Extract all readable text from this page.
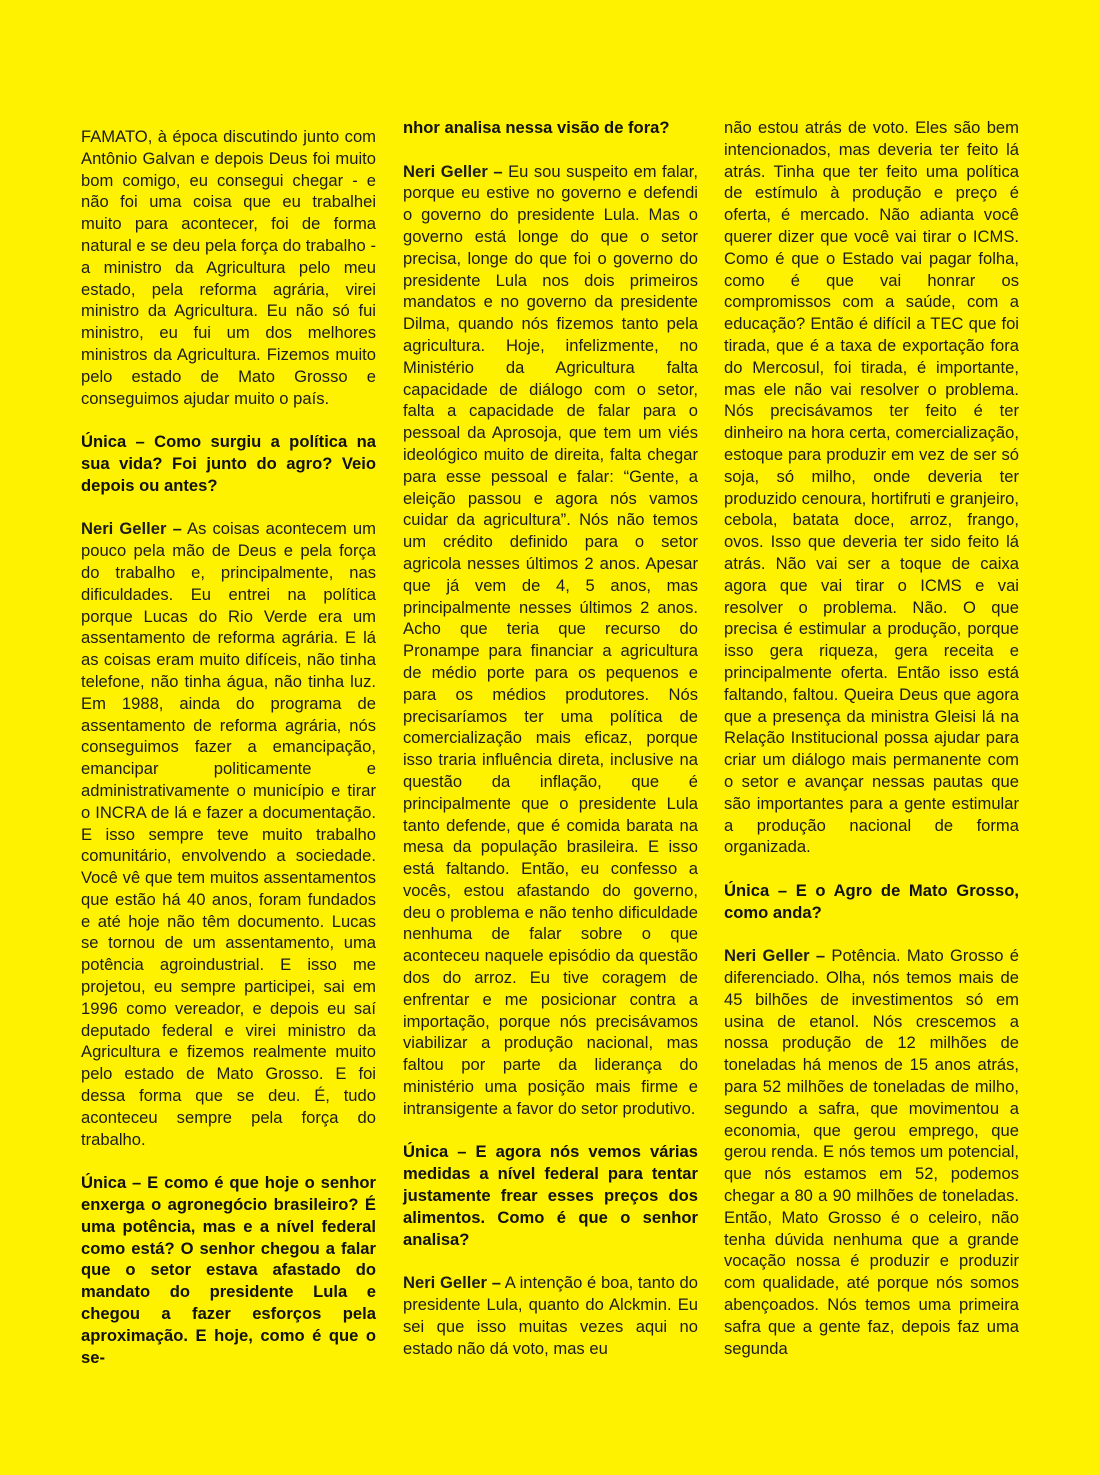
FAMATO, à época discutindo junto com Antônio Galvan e depois Deus foi muito bom comigo, eu consegui chegar - e não foi uma coisa que eu trabalhei muito para acontecer, foi de forma natural e se deu pela força do trabalho - a ministro da Agricultura pelo meu estado, pela reforma agrária, virei ministro da Agricultura. Eu não só fui ministro, eu fui um dos melhores ministros da Agricultura. Fizemos muito pelo estado de Mato Grosso e conseguimos ajudar muito o país.

Única – Como surgiu a política na sua vida? Foi junto do agro? Veio depois ou antes?

Neri Geller – As coisas acontecem um pouco pela mão de Deus e pela força do trabalho e, principalmente, nas dificuldades. Eu entrei na política porque Lucas do Rio Verde era um assentamento de reforma agrária. E lá as coisas eram muito difíceis, não tinha telefone, não tinha água, não tinha luz. Em 1988, ainda do programa de assentamento de reforma agrária, nós conseguimos fazer a emancipação, emancipar politicamente e administrativamente o município e tirar o INCRA de lá e fazer a documentação. E isso sempre teve muito trabalho comunitário, envolvendo a sociedade. Você vê que tem muitos assentamentos que estão há 40 anos, foram fundados e até hoje não têm documento. Lucas se tornou de um assentamento, uma potência agroindustrial. E isso me projetou, eu sempre participei, sai em 1996 como vereador, e depois eu saí deputado federal e virei ministro da Agricultura e fizemos realmente muito pelo estado de Mato Grosso. E foi dessa forma que se deu. É, tudo aconteceu sempre pela força do trabalho.

Única – E como é que hoje o senhor enxerga o agronegócio brasileiro? É uma potência, mas e a nível federal como está? O senhor chegou a falar que o setor estava afastado do mandato do presidente Lula e chegou a fazer esforços pela aproximação. E hoje, como é que o se-

nhor analisa nessa visão de fora?

Neri Geller – Eu sou suspeito em falar, porque eu estive no governo e defendi o governo do presidente Lula. Mas o governo está longe do que o setor precisa, longe do que foi o governo do presidente Lula nos dois primeiros mandatos e no governo da presidente Dilma, quando nós fizemos tanto pela agricultura. Hoje, infelizmente, no Ministério da Agricultura falta capacidade de diálogo com o setor, falta a capacidade de falar para o pessoal da Aprosoja, que tem um viés ideológico muito de direita, falta chegar para esse pessoal e falar: “Gente, a eleição passou e agora nós vamos cuidar da agricultura”. Nós não temos um crédito definido para o setor agricola nesses últimos 2 anos. Apesar que já vem de 4, 5 anos, mas principalmente nesses últimos 2 anos. Acho que teria que recurso do Pronampe para financiar a agricultura de médio porte para os pequenos e para os médios produtores. Nós precisaríamos ter uma política de comercialização mais eficaz, porque isso traria influência direta, inclusive na questão da inflação, que é principalmente que o presidente Lula tanto defende, que é comida barata na mesa da população brasileira. E isso está faltando. Então, eu confesso a vocês, estou afastando do governo, deu o problema e não tenho dificuldade nenhuma de falar sobre o que aconteceu naquele episódio da questão dos do arroz. Eu tive coragem de enfrentar e me posicionar contra a importação, porque nós precisávamos viabilizar a produção nacional, mas faltou por parte da liderança do ministério uma posição mais firme e intransigente a favor do setor produtivo.

Única – E agora nós vemos várias medidas a nível federal para tentar justamente frear esses preços dos alimentos. Como é que o senhor analisa?

Neri Geller – A intenção é boa, tanto do presidente Lula, quanto do Alckmin. Eu sei que isso muitas vezes aqui no estado não dá voto, mas eu

não estou atrás de voto. Eles são bem intencionados, mas deveria ter feito lá atrás. Tinha que ter feito uma política de estímulo à produção e preço é oferta, é mercado. Não adianta você querer dizer que você vai tirar o ICMS. Como é que o Estado vai pagar folha, como é que vai honrar os compromissos com a saúde, com a educação? Então é difícil a TEC que foi tirada, que é a taxa de exportação fora do Mercosul, foi tirada, é importante, mas ele não vai resolver o problema. Nós precisávamos ter feito é ter dinheiro na hora certa, comercialização, estoque para produzir em vez de ser só soja, só milho, onde deveria ter produzido cenoura, hortifruti e granjeiro, cebola, batata doce, arroz, frango, ovos. Isso que deveria ter sido feito lá atrás. Não vai ser a toque de caixa agora que vai tirar o ICMS e vai resolver o problema. Não. O que precisa é estimular a produção, porque isso gera riqueza, gera receita e principalmente oferta. Então isso está faltando, faltou. Queira Deus que agora que a presença da ministra Gleisi lá na Relação Institucional possa ajudar para criar um diálogo mais permanente com o setor e avançar nessas pautas que são importantes para a gente estimular a produção nacional de forma organizada.

Única – E o Agro de Mato Grosso, como anda?

Neri Geller – Potência. Mato Grosso é diferenciado. Olha, nós temos mais de 45 bilhões de investimentos só em usina de etanol. Nós crescemos a nossa produção de 12 milhões de toneladas há menos de 15 anos atrás, para 52 milhões de toneladas de milho, segundo a safra, que movimentou a economia, que gerou emprego, que gerou renda. E nós temos um potencial, que nós estamos em 52, podemos chegar a 80 a 90 milhões de toneladas. Então, Mato Grosso é o celeiro, não tenha dúvida nenhuma que a grande vocação nossa é produzir e produzir com qualidade, até porque nós somos abençoados. Nós temos uma primeira safra que a gente faz, depois faz uma segunda
